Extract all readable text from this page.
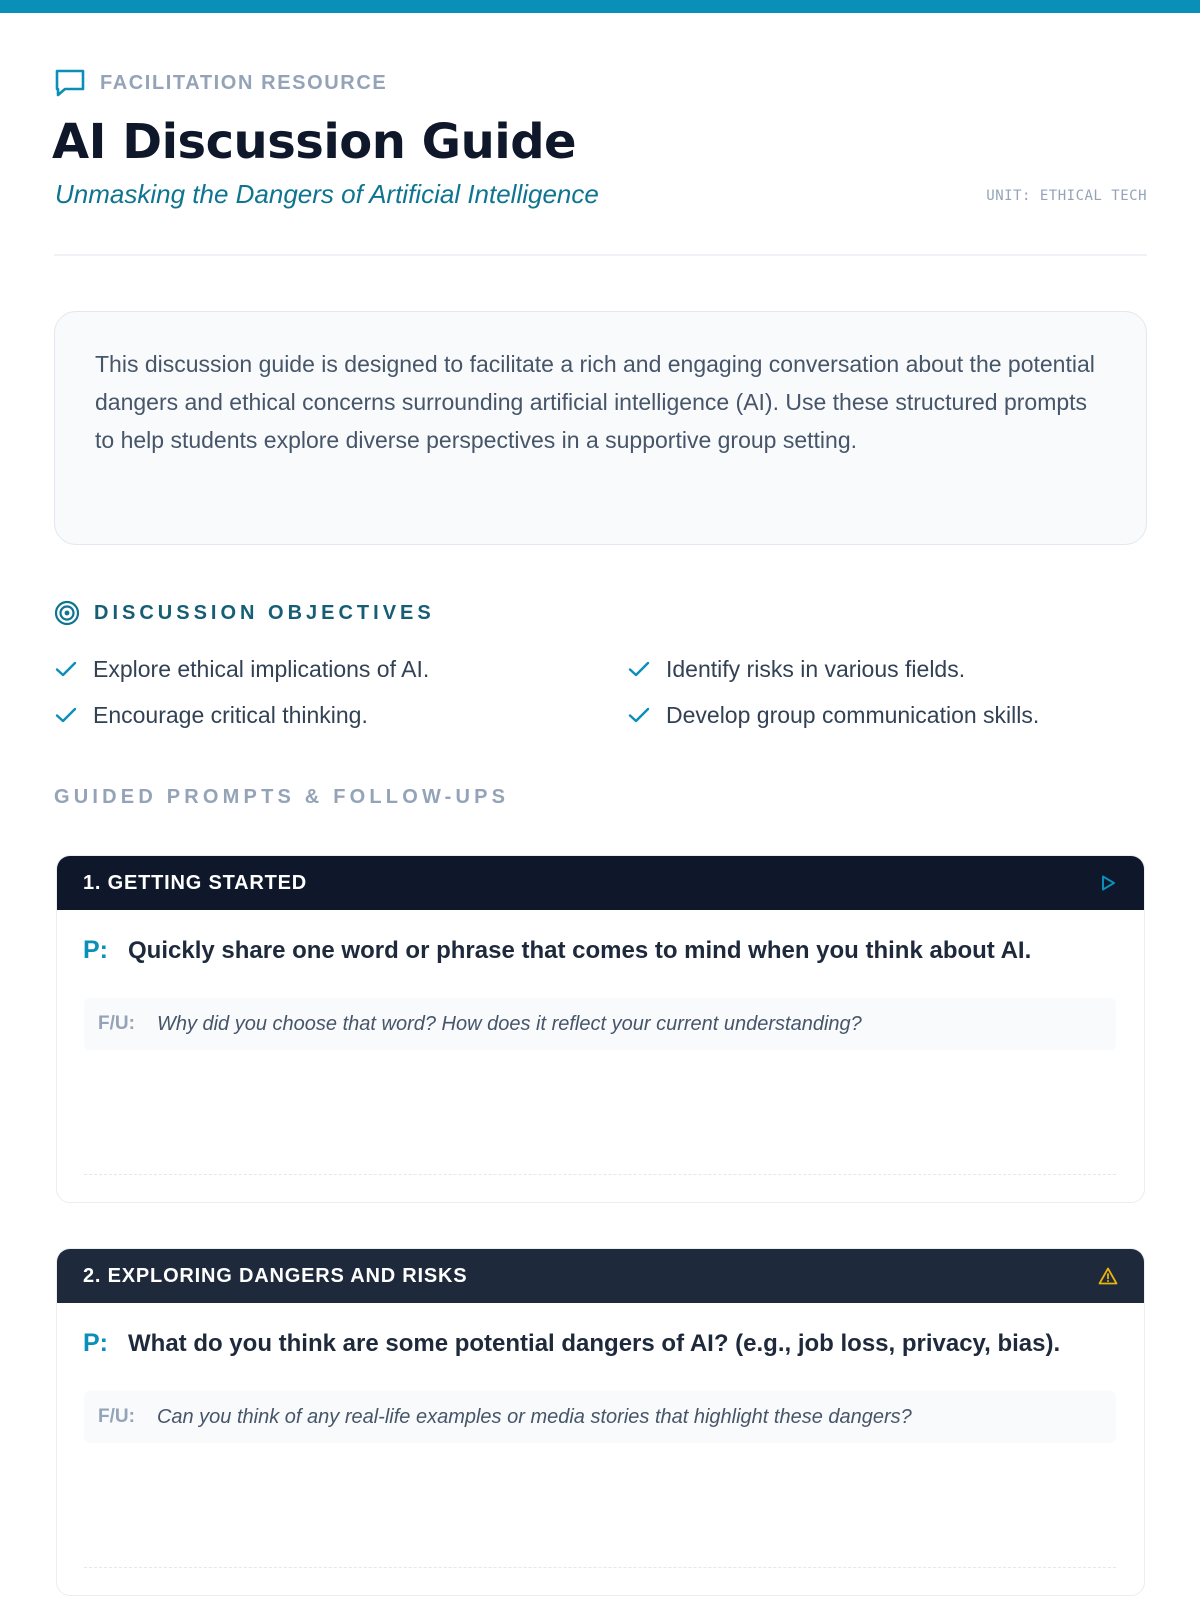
FACILITATION RESOURCE
AI Discussion Guide
Unmasking the Dangers of Artificial Intelligence	UNIT: ETHICAL TECH

This discussion guide is designed to facilitate a rich and engaging conversation about the potential dangers and ethical concerns surrounding artificial intelligence (AI). Use these structured prompts to help students explore diverse perspectives in a supportive group setting.

DISCUSSION OBJECTIVES
Explore ethical implications of AI.	Identify risks in various fields.
Encourage critical thinking.	Develop group communication skills.
GUIDED PROMPTS & FOLLOW-UPS
1. GETTING STARTED
P: Quickly share one word or phrase that comes to mind when you think about AI.
F/U: Why did you choose that word? How does it reflect your current understanding?
2. EXPLORING DANGERS AND RISKS
P: What do you think are some potential dangers of AI? (e.g., job loss, privacy, bias).
F/U: Can you think of any real-life examples or media stories that highlight these dangers?
